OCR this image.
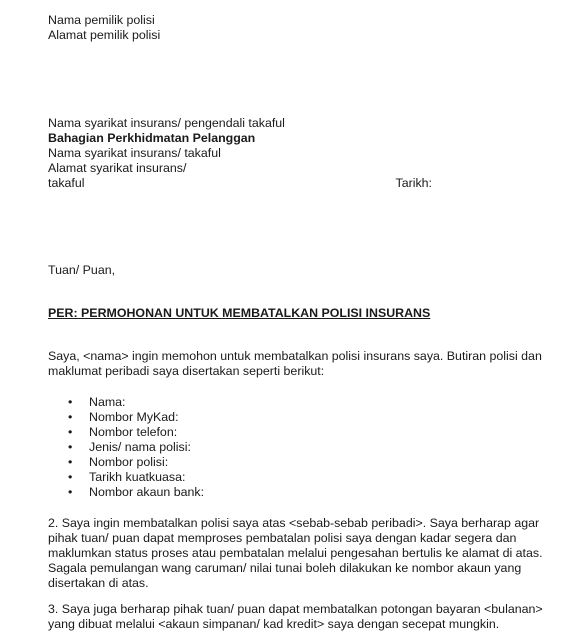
Nama pemilik polisi
Alamat pemilik polisi
Nama syarikat insurans/ pengendali takaful
Bahagian Perkhidmatan Pelanggan
Nama syarikat insurans/ takaful
Alamat syarikat insurans/
takaful	Tarikh:
Tuan/ Puan,
PER: PERMOHONAN UNTUK MEMBATALKAN POLISI INSURANS
Saya, <nama> ingin memohon untuk membatalkan polisi insurans saya. Butiran polisi dan
maklumat peribadi saya disertakan seperti berikut:
• Nama:
• Nombor MyKad:
• Nombor telefon:
• Jenis/ nama polisi:
• Nombor polisi:
• Tarikh kuatkuasa:
• Nombor akaun bank:
2. Saya ingin membatalkan polisi saya atas <sebab-sebab peribadi>. Saya berharap agar
pihak tuan/ puan dapat memproses pembatalan polisi saya dengan kadar segera dan
maklumkan status proses atau pembatalan melalui pengesahan bertulis ke alamat di atas.
Sagala pemulangan wang caruman/ nilai tunai boleh dilakukan ke nombor akaun yang
disertakan di atas.
3. Saya juga berharap pihak tuan/ puan dapat membatalkan potongan bayaran <bulanan>
yang dibuat melalui <akaun simpanan/ kad kredit> saya dengan secepat mungkin.
